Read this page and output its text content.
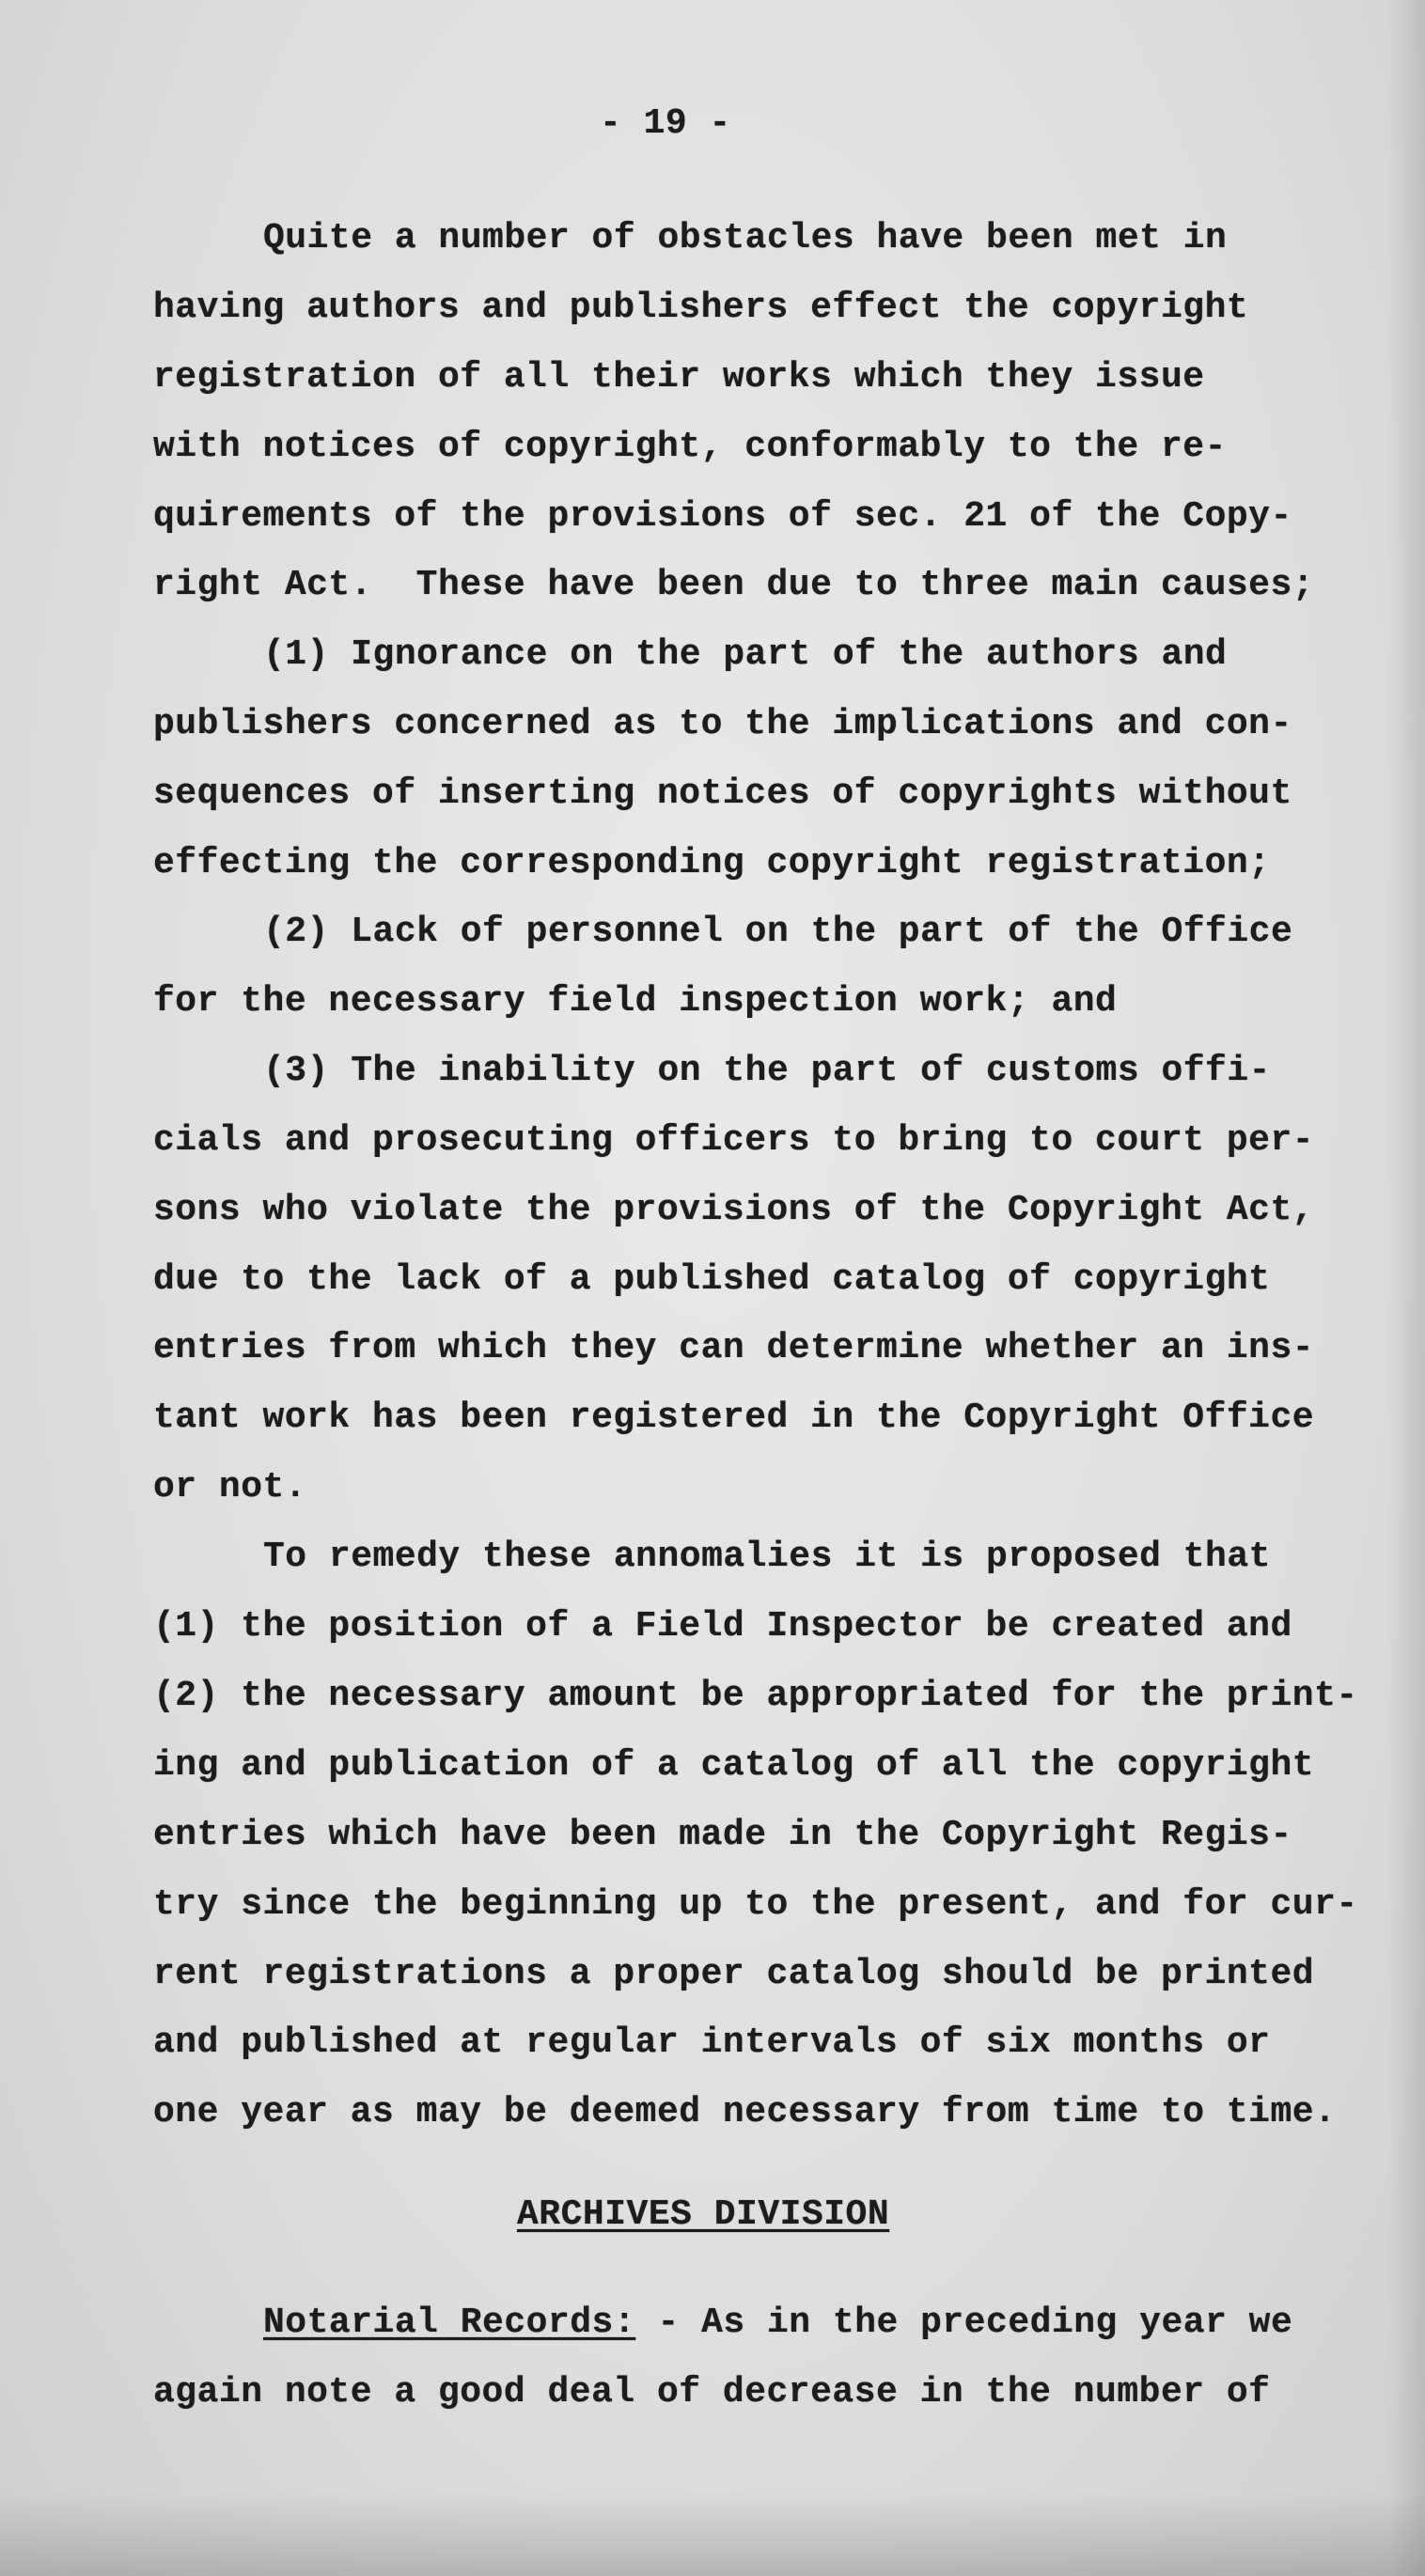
- 19 -
Quite a number of obstacles have been met in
having authors and publishers effect the copyright
registration of all their works which they issue
with notices of copyright, conformably to the re-
quirements of the provisions of sec. 21 of the Copy-
right Act.  These have been due to three main causes;
(1) Ignorance on the part of the authors and
publishers concerned as to the implications and con-
sequences of inserting notices of copyrights without
effecting the corresponding copyright registration;
(2) Lack of personnel on the part of the Office
for the necessary field inspection work; and
(3) The inability on the part of customs offi-
cials and prosecuting officers to bring to court per-
sons who violate the provisions of the Copyright Act,
due to the lack of a published catalog of copyright
entries from which they can determine whether an ins-
tant work has been registered in the Copyright Office
or not.
To remedy these annomalies it is proposed that
(1) the position of a Field Inspector be created and
(2) the necessary amount be appropriated for the print-
ing and publication of a catalog of all the copyright
entries which have been made in the Copyright Regis-
try since the beginning up to the present, and for cur-
rent registrations a proper catalog should be printed
and published at regular intervals of six months or
one year as may be deemed necessary from time to time.
ARCHIVES DIVISION
Notarial Records: - As in the preceding year we
again note a good deal of decrease in the number of
